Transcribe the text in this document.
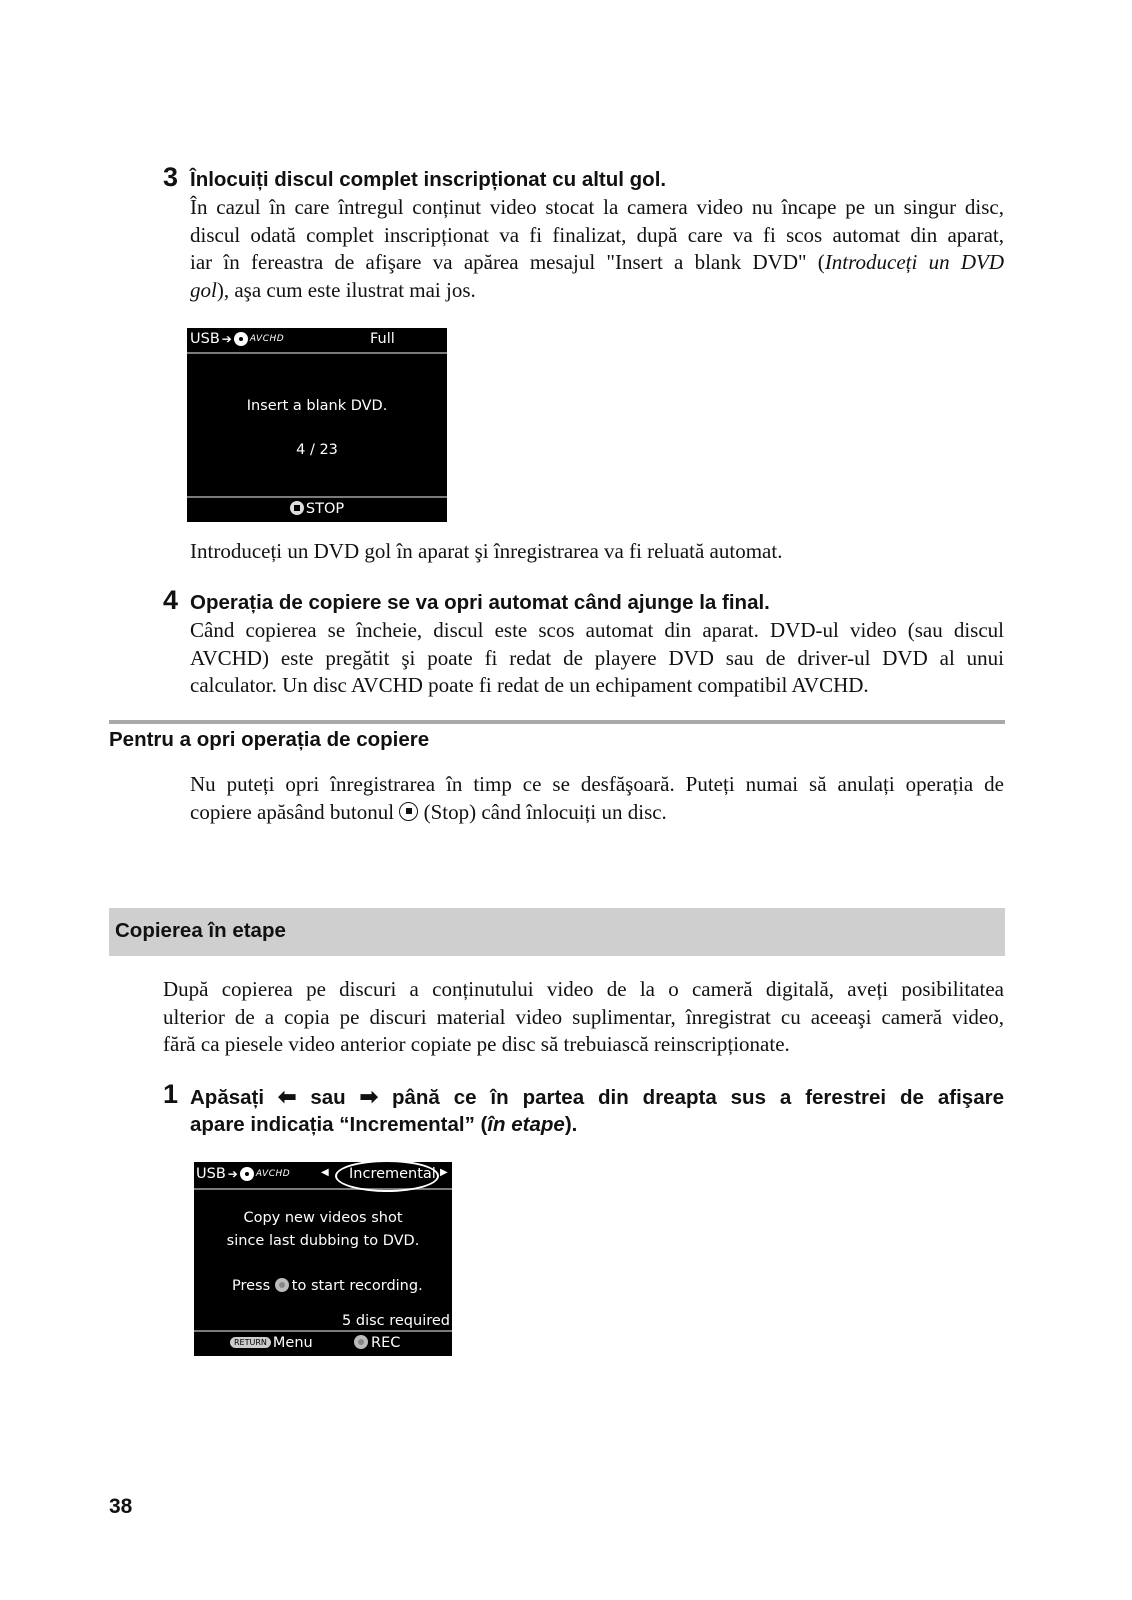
3 Înlocuiți discul complet inscripționat cu altul gol.
În cazul în care întregul conținut video stocat la camera video nu încape pe un singur disc,
discul odată complet inscripționat va fi finalizat, după care va fi scos automat din aparat,
iar în fereastra de afişare va apărea mesajul "Insert a blank DVD" (Introduceți un DVD
gol), aşa cum este ilustrat mai jos.
USB ➔ AVCHD	Full
Insert a blank DVD.
4 / 23
STOP
Introduceți un DVD gol în aparat şi înregistrarea va fi reluată automat.
4 Operația de copiere se va opri automat când ajunge la final.
Când copierea se încheie, discul este scos automat din aparat. DVD-ul video (sau discul
AVCHD) este pregătit şi poate fi redat de playere DVD sau de driver-ul DVD al unui
calculator. Un disc AVCHD poate fi redat de un echipament compatibil AVCHD.
Pentru a opri operația de copiere
Nu puteți opri înregistrarea în timp ce se desfăşoară. Puteți numai să anulați operația de
copiere apăsând butonul (Stop) când înlocuiți un disc.
Copierea în etape
După copierea pe discuri a conținutului video de la o cameră digitală, aveți posibilitatea
ulterior de a copia pe discuri material video suplimentar, înregistrat cu aceeaşi cameră video,
fără ca piesele video anterior copiate pe disc să trebuiască reinscripționate.
1 Apăsați ⬅ sau ➡ până ce în partea din dreapta sus a ferestrei de afişare
apare indicația “Incremental” (în etape).
USB ➔ AVCHD	◀ Incremental ▶
Copy new videos shot
since last dubbing to DVD.
Press to start recording.
5 disc required
RETURN Menu	REC
38
